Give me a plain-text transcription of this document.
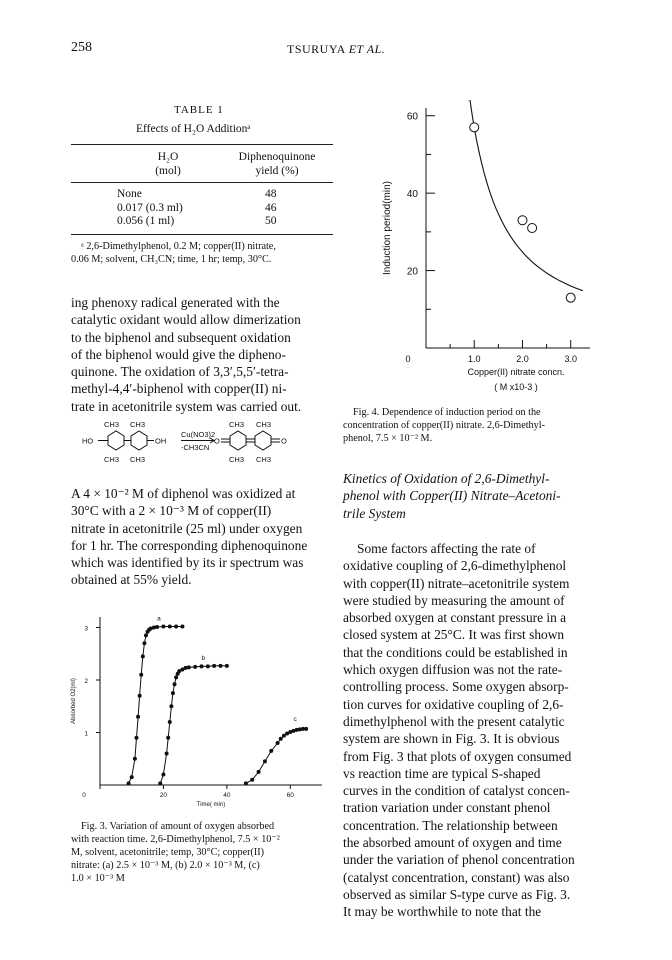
258	TSURUYA ET AL.
TABLE 1
Effects of H₂O Additionᵃ
H₂O
(mol)
Diphenoquinone
yield (%)
None	48
0.017 (0.3 ml)	46
0.056 (1 ml)	50
ᵃ 2,6-Dimethylphenol, 0.2 M; copper(II) nitrate,
0.06 M; solvent, CH₃CN; time, 1 hr; temp, 30°C.
ing phenoxy radical generated with the
catalytic oxidant would allow dimerization
to the biphenol and subsequent oxidation
of the biphenol would give the dipheno-
quinone. The oxidation of 3,3′,5,5′-tetra-
methyl-4,4′-biphenol with copper(II) ni-
trate in acetonitrile system was carried out.
CH3 CH3
CH3 CH3
CH3 CH3
CH3 CH3
HO	OH
Cu(NO3)2
-CH3CN
O	O
A 4 × 10⁻² M of diphenol was oxidized at
30°C with a 2 × 10⁻³ M of copper(II)
nitrate in acetonitrile (25 ml) under oxygen
for 1 hr. The corresponding diphenoquinone
which was identified by its ir spectrum was
obtained at 55% yield.
1
2
3
0	20	40	60
Time( min)
Absorbed O2(ml)
a
b
c
Fig. 3. Variation of amount of oxygen absorbed
with reaction time. 2,6-Dimethylphenol, 7.5 × 10⁻²
M, solvent, acetonitrile; temp, 30°C; copper(II)
nitrate: (a) 2.5 × 10⁻³ M, (b) 2.0 × 10⁻³ M, (c)
1.0 × 10⁻³ M
20
40
60
1.0	2.0	3.0
0
Copper(II) nitrate concn.
( M x10-3 )
Induction period(min)
Fig. 4. Dependence of induction period on the
concentration of copper(II) nitrate. 2,6-Dimethyl-
phenol, 7.5 × 10⁻² M.
Kinetics of Oxidation of 2,6-Dimethyl-
phenol with Copper(II) Nitrate–Acetoni-
trile System
Some factors affecting the rate of
oxidative coupling of 2,6-dimethylphenol
with copper(II) nitrate–acetonitrile system
were studied by measuring the amount of
absorbed oxygen at constant pressure in a
closed system at 25°C. It was first shown
that the conditions could be established in
which oxygen diffusion was not the rate-
controlling process. Some oxygen absorp-
tion curves for oxidative coupling of 2,6-
dimethylphenol with the present catalytic
system are shown in Fig. 3. It is obvious
from Fig. 3 that plots of oxygen consumed
vs reaction time are typical S-shaped
curves in the condition of catalyst concen-
tration variation under constant phenol
concentration. The relationship between
the absorbed amount of oxygen and time
under the variation of phenol concentration
(catalyst concentration, constant) was also
observed as similar S-type curve as Fig. 3.
It may be worthwhile to note that the
